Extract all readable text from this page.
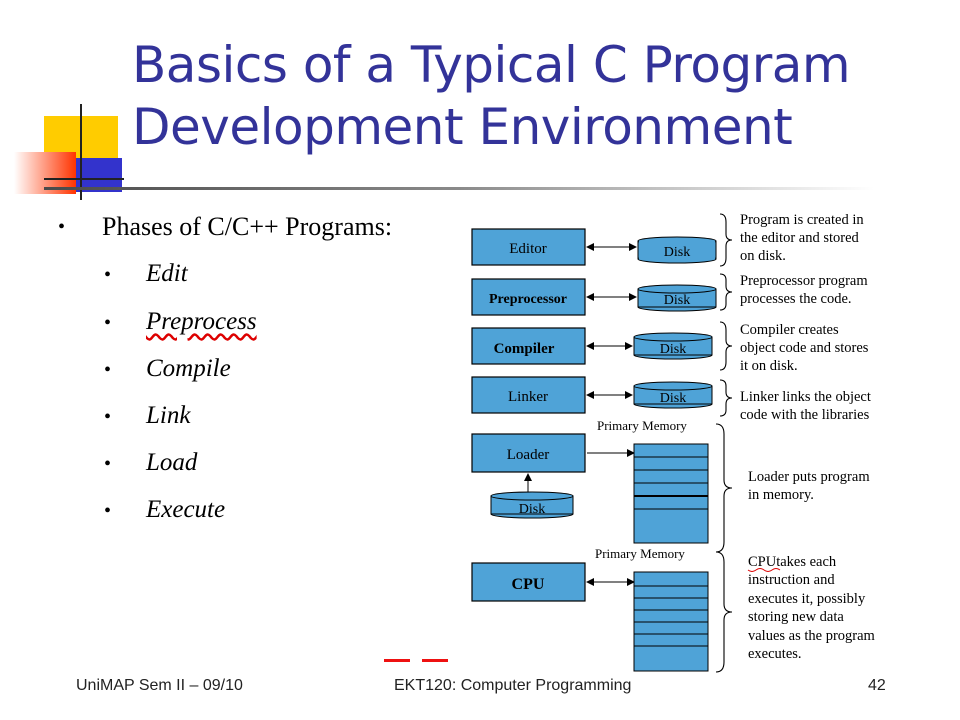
Basics of a Typical C Program
Development Environment
• Phases of C/C++ Programs:
• Edit
• Preprocess
• Compile
• Link
• Load
• Execute
Editor
Preprocessor
Compiler
Linker
Loader
CPU
Disk
Disk
Disk
Disk
Disk
Primary Memory
Primary Memory
Program is created in
the editor and stored
on disk.
Preprocessor program
processes the code.
Compiler creates
object code and stores
it on disk.
Linker links the object
code with the libraries
Loader puts program
in memory.
CPUtakes each
instruction and
executes it, possibly
storing new data
values as the program
executes.
UniMAP Sem II – 09/10	EKT120: Computer Programming	42
